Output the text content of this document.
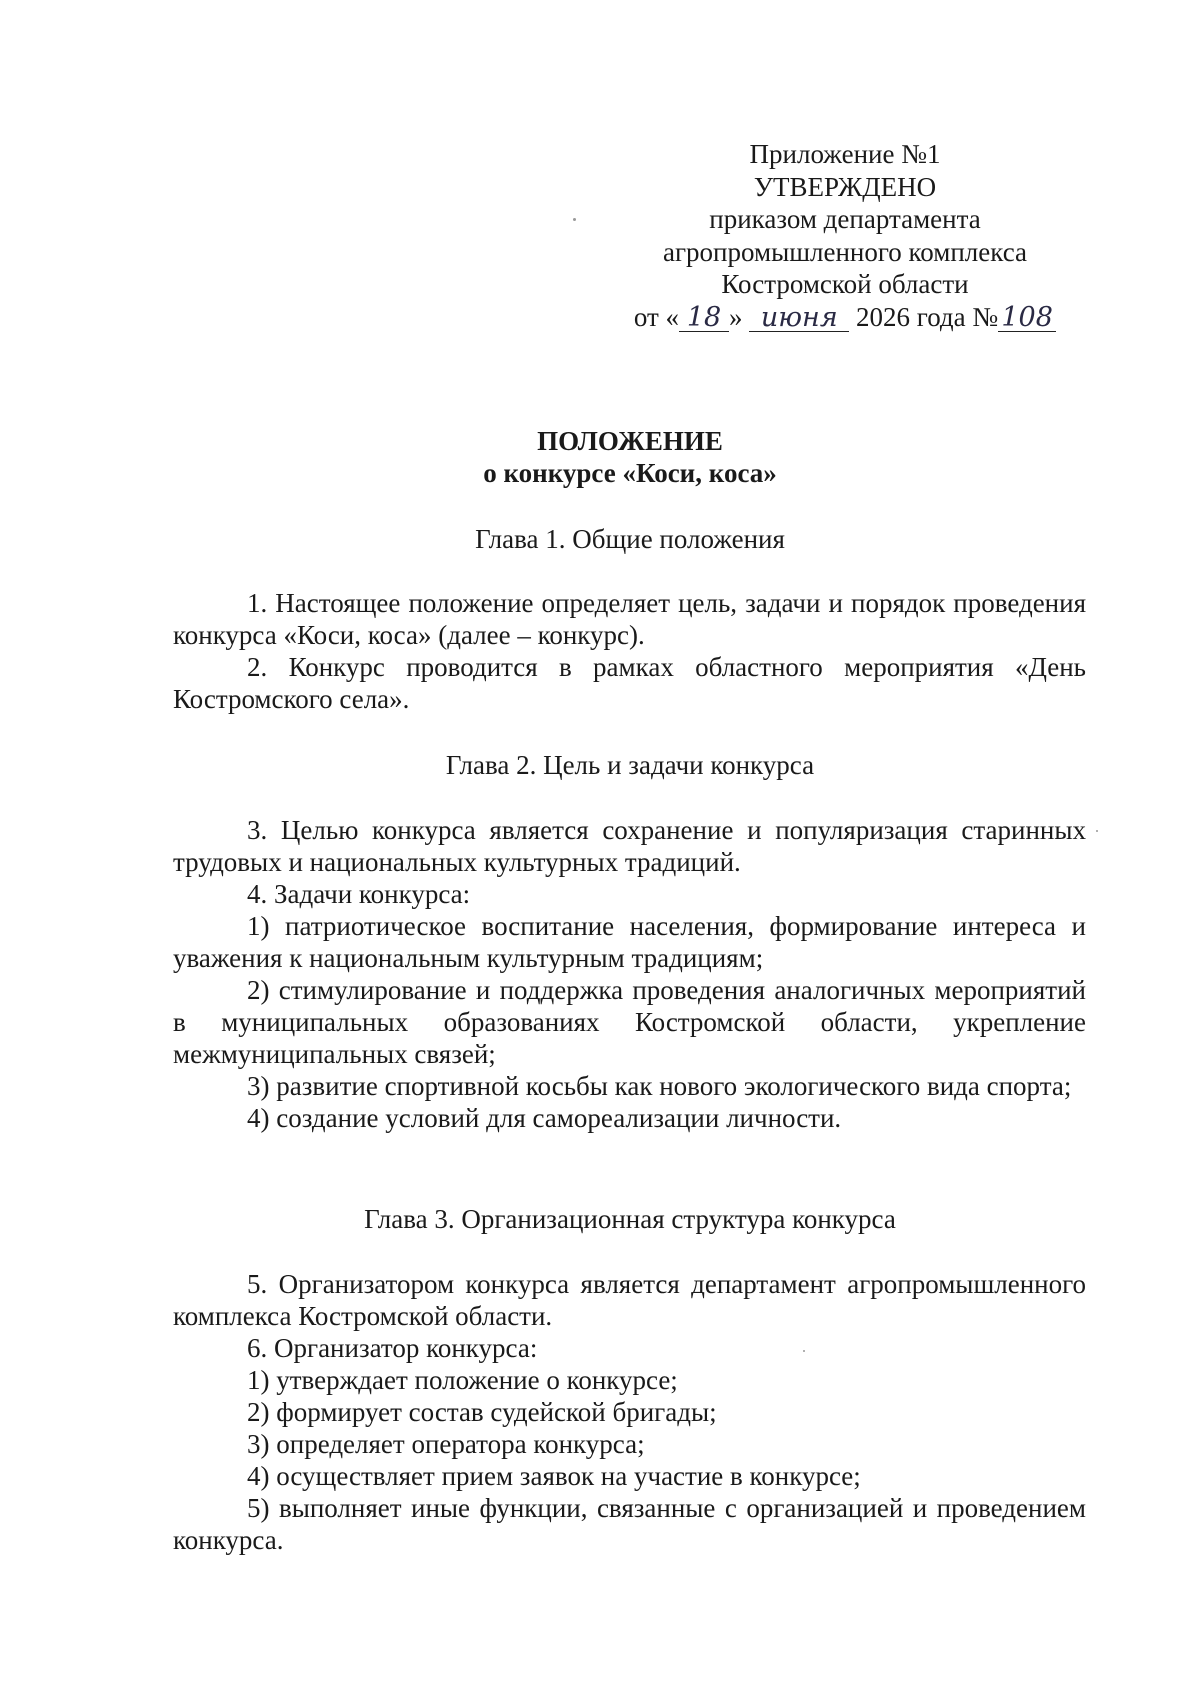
Приложение №1
УТВЕРЖДЕНО
приказом департамента
агропромышленного комплекса
Костромской области
от « 18 » июня 2026 года № 108
ПОЛОЖЕНИЕ
о конкурсе «Коси, коса»
Глава 1. Общие положения

1. Настоящее положение определяет цель, задачи и порядок проведения конкурса «Коси, коса» (далее – конкурс).

2. Конкурс проводится в рамках областного мероприятия «День Костромского села».

Глава 2. Цель и задачи конкурса

3. Целью конкурса является сохранение и популяризация старинных трудовых и национальных культурных традиций.

4. Задачи конкурса:

1) патриотическое воспитание населения, формирование интереса и уважения к национальным культурным традициям;

2) стимулирование и поддержка проведения аналогичных мероприятий в муниципальных образованиях Костромской области, укрепление межмуниципальных связей;

3) развитие спортивной косьбы как нового экологического вида спорта;

4) создание условий для самореализации личности.

Глава 3. Организационная структура конкурса

5. Организатором конкурса является департамент агропромышленного комплекса Костромской области.

6. Организатор конкурса:

1) утверждает положение о конкурсе;

2) формирует состав судейской бригады;

3) определяет оператора конкурса;

4) осуществляет прием заявок на участие в конкурсе;

5) выполняет иные функции, связанные с организацией и проведением конкурса.
